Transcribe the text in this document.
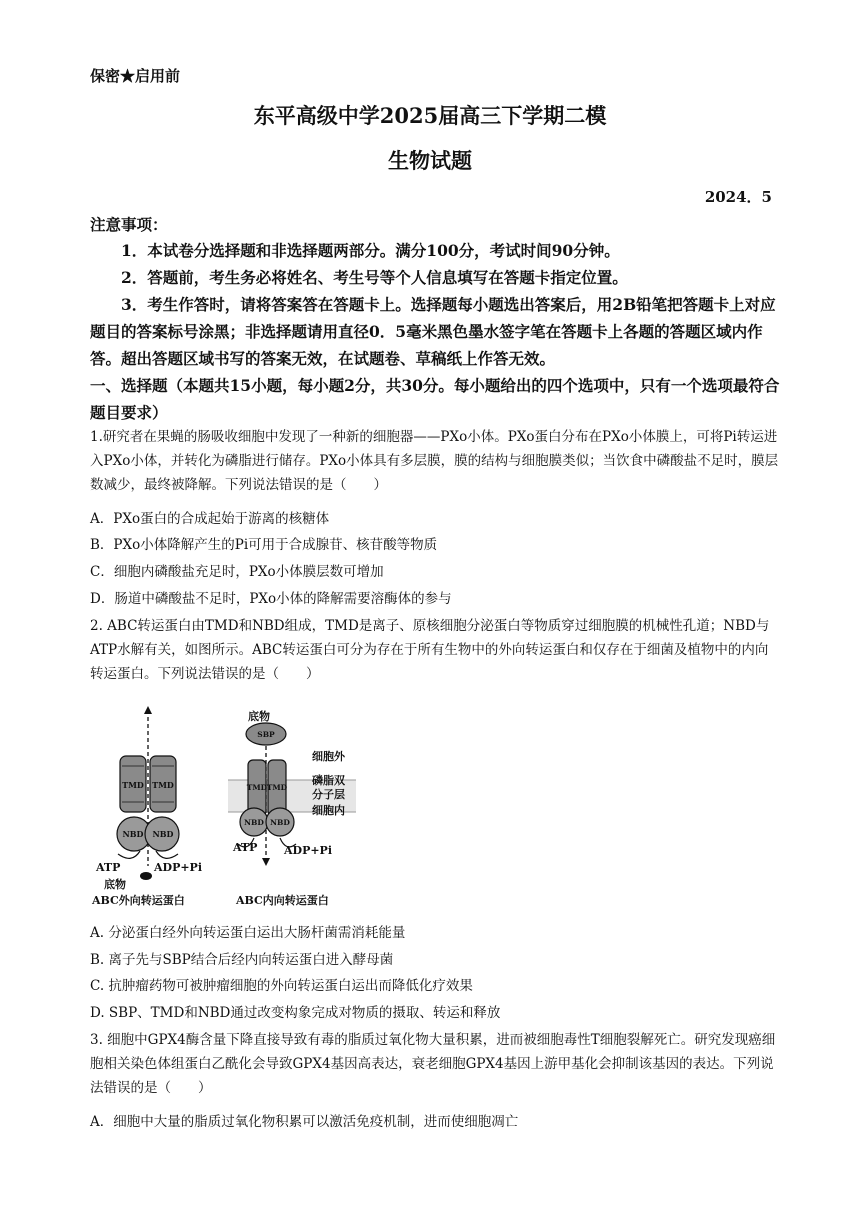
保密★启用前
东平高级中学2025届高三下学期二模
生物试题
2024．5
注意事项：
1．本试卷分选择题和非选择题两部分。满分100分，考试时间90分钟。
2．答题前，考生务必将姓名、考生号等个人信息填写在答题卡指定位置。
3．考生作答时，请将答案答在答题卡上。选择题每小题选出答案后，用2B铅笔把答题卡上对应题目的答案标号涂黑；非选择题请用直径0．5毫米黑色墨水签字笔在答题卡上各题的答题区域内作答。超出答题区域书写的答案无效，在试题卷、草稿纸上作答无效。
一、选择题（本题共15小题，每小题2分，共30分。每小题给出的四个选项中，只有一个选项最符合题目要求）
1.研究者在果蝇的肠吸收细胞中发现了一种新的细胞器——PXo小体。PXo蛋白分布在PXo小体膜上，可将Pi转运进入PXo小体，并转化为磷脂进行储存。PXo小体具有多层膜，膜的结构与细胞膜类似；当饮食中磷酸盐不足时，膜层数减少，最终被降解。下列说法错误的是（　　）
A．PXo蛋白的合成起始于游离的核糖体
B．PXo小体降解产生的Pi可用于合成腺苷、核苷酸等物质
C．细胞内磷酸盐充足时，PXo小体膜层数可增加
D．肠道中磷酸盐不足时，PXo小体的降解需要溶酶体的参与
2. ABC转运蛋白由TMD和NBD组成，TMD是离子、原核细胞分泌蛋白等物质穿过细胞膜的机械性孔道；NBD与ATP水解有关，如图所示。ABC转运蛋白可分为存在于所有生物中的外向转运蛋白和仅存在于细菌及植物中的内向转运蛋白。下列说法错误的是（　　）
TMD TMD
NBD NBD
ATP	ADP+Pi
底物
ABC外向转运蛋白
底物
SBP
TMD TMD
NBD NBD
ATP ADP+Pi
细胞外
磷脂双
分子层
细胞内
ABC内向转运蛋白
A. 分泌蛋白经外向转运蛋白运出大肠杆菌需消耗能量
B. 离子先与SBP结合后经内向转运蛋白进入酵母菌
C. 抗肿瘤药物可被肿瘤细胞的外向转运蛋白运出而降低化疗效果
D. SBP、TMD和NBD通过改变构象完成对物质的摄取、转运和释放
3. 细胞中GPX4酶含量下降直接导致有毒的脂质过氧化物大量积累，进而被细胞毒性T细胞裂解死亡。研究发现癌细胞相关染色体组蛋白乙酰化会导致GPX4基因高表达，衰老细胞GPX4基因上游甲基化会抑制该基因的表达。下列说法错误的是（　　）
A．细胞中大量的脂质过氧化物积累可以激活免疫机制，进而使细胞凋亡
